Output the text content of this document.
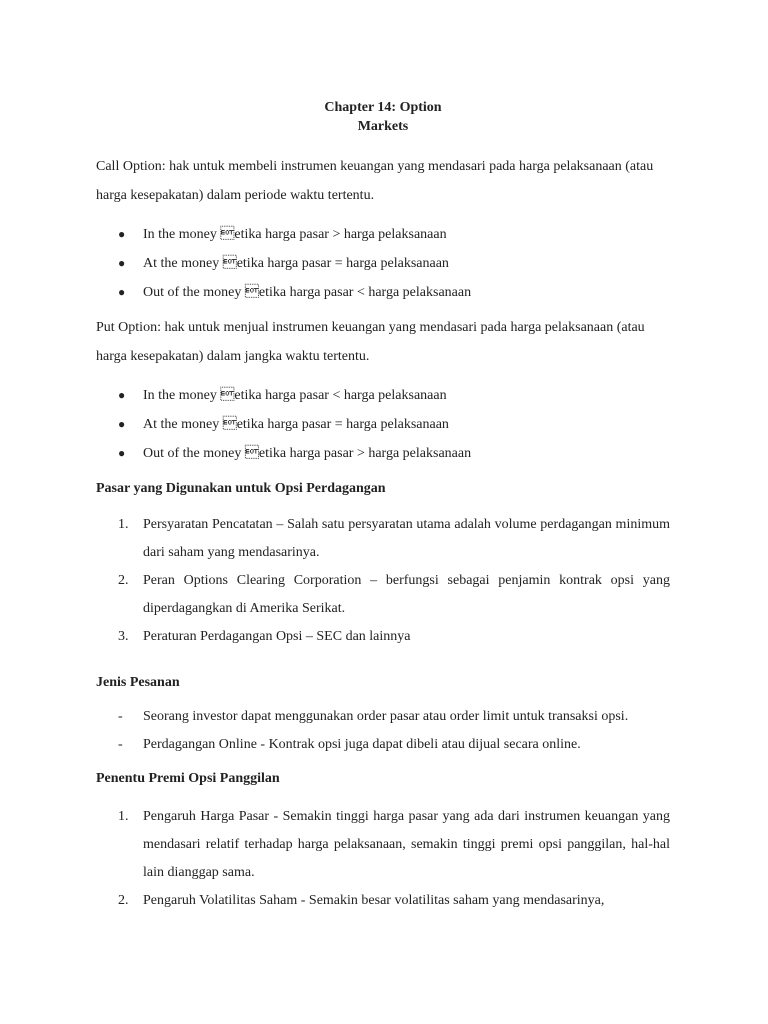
Chapter 14: Option

Markets

Call Option: hak untuk membeli instrumen keuangan yang mendasari pada harga pelaksanaan (atau harga kesepakatan) dalam periode waktu tertentu.

● In the money etika harga pasar > harga pelaksanaan
● At the money etika harga pasar = harga pelaksanaan
● Out of the money etika harga pasar < harga pelaksanaan

Put Option: hak untuk menjual instrumen keuangan yang mendasari pada harga pelaksanaan (atau harga kesepakatan) dalam jangka waktu tertentu.

● In the money etika harga pasar < harga pelaksanaan
● At the money etika harga pasar = harga pelaksanaan
● Out of the money etika harga pasar > harga pelaksanaan

Pasar yang Digunakan untuk Opsi Perdagangan

1. Persyaratan Pencatatan – Salah satu persyaratan utama adalah volume perdagangan minimum dari saham yang mendasarinya.
2. Peran Options Clearing Corporation – berfungsi sebagai penjamin kontrak opsi yang diperdagangkan di Amerika Serikat.
3. Peraturan Perdagangan Opsi – SEC dan lainnya

Jenis Pesanan

- Seorang investor dapat menggunakan order pasar atau order limit untuk transaksi opsi.
- Perdagangan Online - Kontrak opsi juga dapat dibeli atau dijual secara online.

Penentu Premi Opsi Panggilan

1. Pengaruh Harga Pasar - Semakin tinggi harga pasar yang ada dari instrumen keuangan yang mendasari relatif terhadap harga pelaksanaan, semakin tinggi premi opsi panggilan, hal-hal lain dianggap sama.
2. Pengaruh Volatilitas Saham - Semakin besar volatilitas saham yang mendasarinya,
